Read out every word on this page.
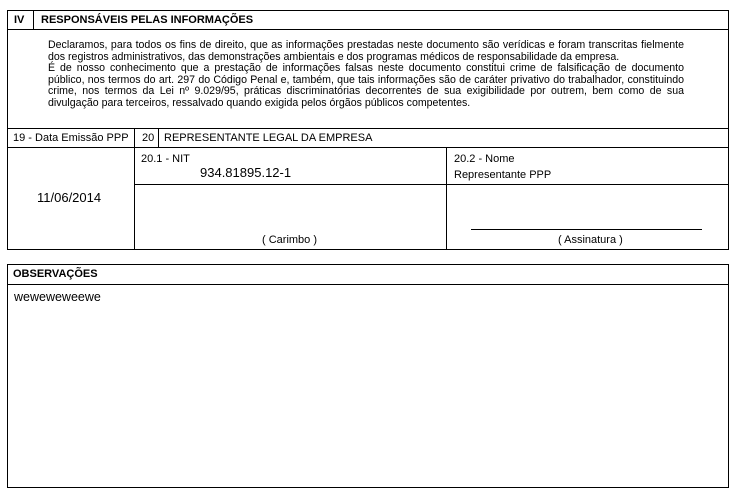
IV RESPONSÁVEIS PELAS INFORMAÇÕES

Declaramos, para todos os fins de direito, que as informações prestadas neste documento são verídicas e foram transcritas fielmente dos registros administrativos, das demonstrações ambientais e dos programas médicos de responsabilidade da empresa.

É de nosso conhecimento que a prestação de informações falsas neste documento constitui crime de falsificação de documento público, nos termos do art. 297 do Código Penal e, também, que tais informações são de caráter privativo do trabalhador, constituindo crime, nos termos da Lei nº 9.029/95, práticas discriminatórias decorrentes de sua exigibilidade por outrem, bem como de sua divulgação para terceiros, ressalvado quando exigida pelos órgãos públicos competentes.

19 - Data Emissão PPP 20 REPRESENTANTE LEGAL DA EMPRESA
11/06/2014
20.1 - NIT
934.81895.12-1
20.2 - Nome
Representante PPP
( Carimbo )	( Assinatura )
OBSERVAÇÕES
weweweweewe
